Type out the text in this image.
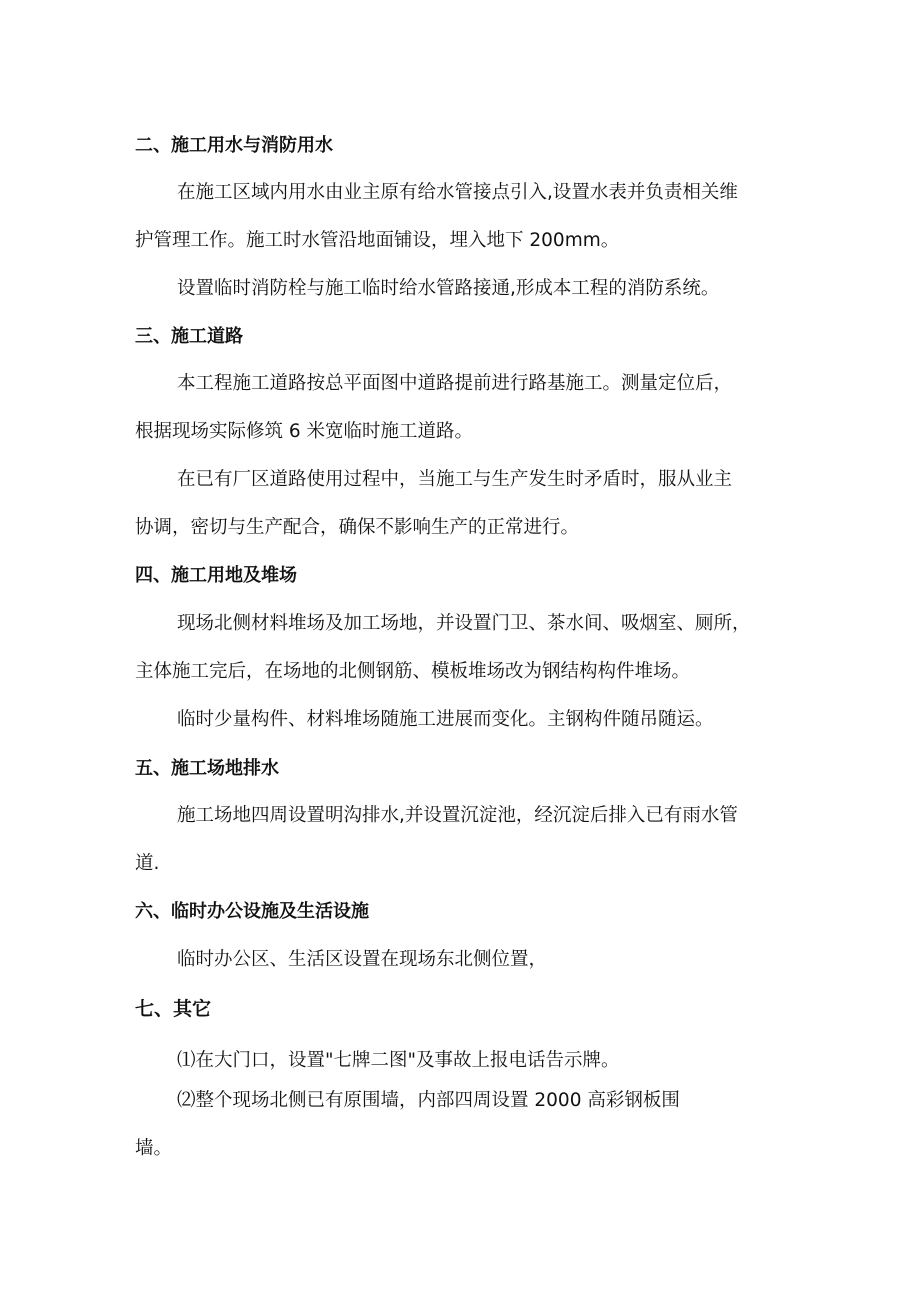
二、施工用水与消防用水
在施工区域内用水由业主原有给水管接点引入,设置水表并负责相关维
护管理工作。施工时水管沿地面铺设，埋入地下 200mm。
设置临时消防栓与施工临时给水管路接通,形成本工程的消防系统。
三、施工道路
本工程施工道路按总平面图中道路提前进行路基施工。测量定位后，
根据现场实际修筑 6 米宽临时施工道路。
在已有厂区道路使用过程中，当施工与生产发生时矛盾时，服从业主
协调，密切与生产配合，确保不影响生产的正常进行。
四、施工用地及堆场
现场北侧材料堆场及加工场地，并设置门卫、茶水间、吸烟室、厕所，
主体施工完后，在场地的北侧钢筋、模板堆场改为钢结构构件堆场。
临时少量构件、材料堆场随施工进展而变化。主钢构件随吊随运。
五、施工场地排水
施工场地四周设置明沟排水,并设置沉淀池，经沉淀后排入已有雨水管
道.
六、临时办公设施及生活设施
临时办公区、生活区设置在现场东北侧位置，
七、其它
⑴在大门口，设置"七牌二图"及事故上报电话告示牌。
⑵整个现场北侧已有原围墙，内部四周设置 2000 高彩钢板围
墙。
